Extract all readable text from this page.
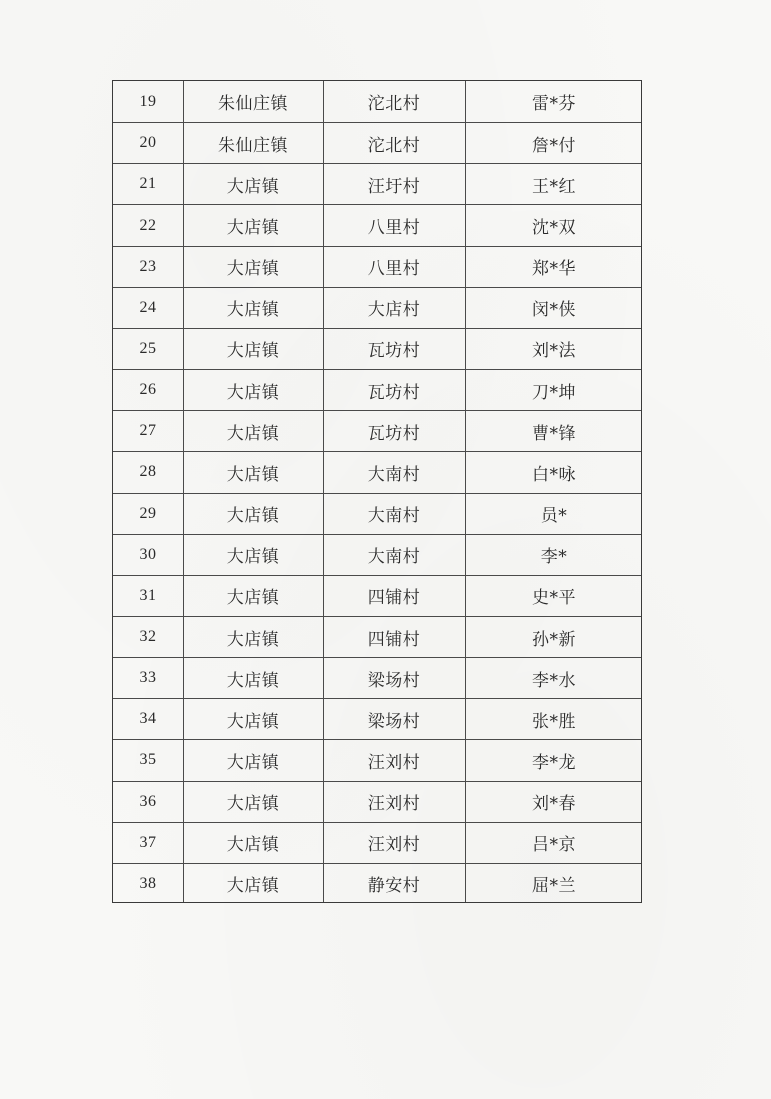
19	朱仙庄镇	沱北村	雷*芬
20	朱仙庄镇	沱北村	詹*付
21	大店镇	汪圩村	王*红
22	大店镇	八里村	沈*双
23	大店镇	八里村	郑*华
24	大店镇	大店村	闵*侠
25	大店镇	瓦坊村	刘*法
26	大店镇	瓦坊村	刀*坤
27	大店镇	瓦坊村	曹*锋
28	大店镇	大南村	白*咏
29	大店镇	大南村	员*
30	大店镇	大南村	李*
31	大店镇	四铺村	史*平
32	大店镇	四铺村	孙*新
33	大店镇	梁场村	李*水
34	大店镇	梁场村	张*胜
35	大店镇	汪刘村	李*龙
36	大店镇	汪刘村	刘*春
37	大店镇	汪刘村	吕*京
38	大店镇	静安村	屈*兰
